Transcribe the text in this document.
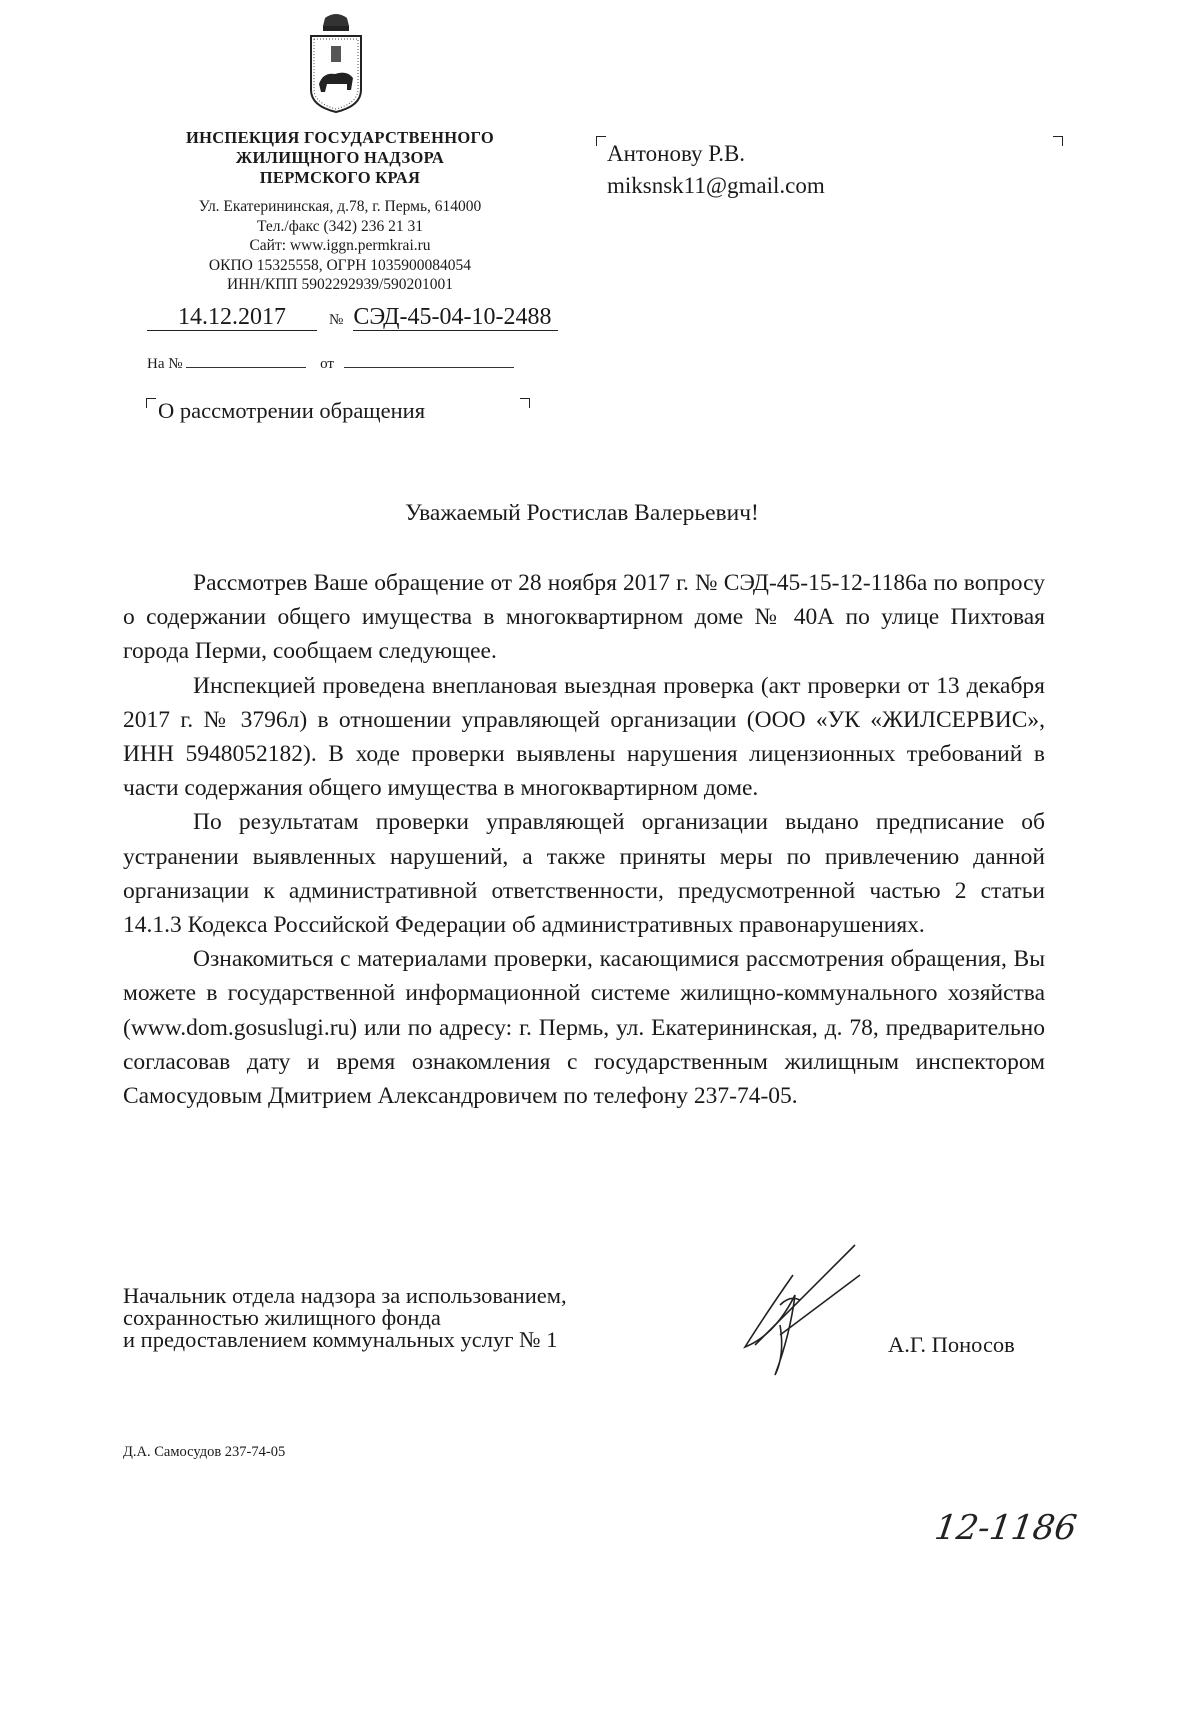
ИНСПЕКЦИЯ ГОСУДАРСТВЕННОГО
ЖИЛИЩНОГО НАДЗОРА
ПЕРМСКОГО КРАЯ
Ул. Екатерининская, д.78, г. Пермь, 614000
Тел./факс (342) 236 21 31
Сайт: www.iggn.permkrai.ru
ОКПО 15325558, ОГРН 1035900084054
ИНН/КПП 5902292939/590201001
14.12.2017	№ СЭД-45-04-10-2488
На №	от
О рассмотрении обращения
Антонову Р.В.
miksnsk11@gmail.com
Уважаемый Ростислав Валерьевич!

Рассмотрев Ваше обращение от 28 ноября 2017 г. № СЭД-45-15-12-1186а по вопросу о содержании общего имущества в многоквартирном доме № 40А по улице Пихтовая города Перми, сообщаем следующее.

Инспекцией проведена внеплановая выездная проверка (акт проверки от 13 декабря 2017 г. № 3796л) в отношении управляющей организации (ООО «УК «ЖИЛСЕРВИС», ИНН 5948052182). В ходе проверки выявлены нарушения лицензионных требований в части содержания общего имущества в многоквартирном доме.

По результатам проверки управляющей организации выдано предписание об устранении выявленных нарушений, а также приняты меры по привлечению данной организации к административной ответственности, предусмотренной частью 2 статьи 14.1.3 Кодекса Российской Федерации об административных правонарушениях.

Ознакомиться с материалами проверки, касающимися рассмотрения обращения, Вы можете в государственной информационной системе жилищно-коммунального хозяйства (www.dom.gosuslugi.ru) или по адресу: г. Пермь, ул. Екатерининская, д. 78, предварительно согласовав дату и время ознакомления с государственным жилищным инспектором Самосудовым Дмитрием Александровичем по телефону 237-74-05.

Начальник отдела надзора за использованием,
сохранностью жилищного фонда
и предоставлением коммунальных услуг № 1	А.Г. Поносов
Д.А. Самосудов 237-74-05
12-1186
